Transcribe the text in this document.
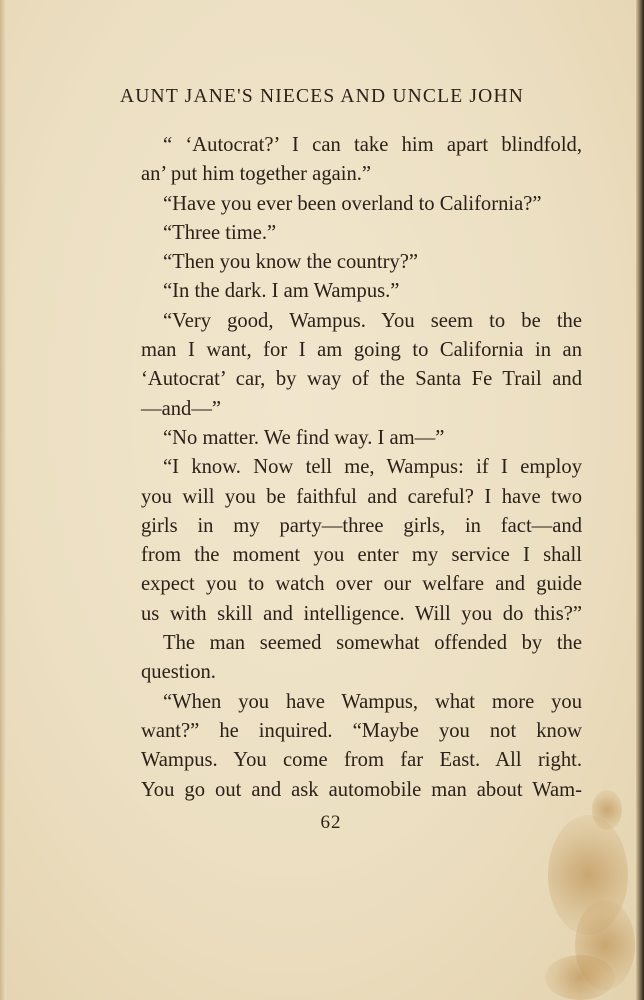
AUNT JANE'S NIECES AND UNCLE JOHN
“ ‘Autocrat?’ I can take him apart blindfold,
an’ put him together again.”
“Have you ever been overland to California?”
“Three time.”
“Then you know the country?”
“In the dark. I am Wampus.”
“Very good, Wampus. You seem to be the
man I want, for I am going to California in an
‘Autocrat’ car, by way of the Santa Fe Trail and
—and—”
“No matter. We find way. I am—”
“I know. Now tell me, Wampus: if I employ
you will you be faithful and careful? I have two
girls in my party—three girls, in fact—and
from the moment you enter my service I shall
expect you to watch over our welfare and guide
us with skill and intelligence. Will you do this?”
The man seemed somewhat offended by the
question.
“When you have Wampus, what more you
want?” he inquired. “Maybe you not know
Wampus. You come from far East. All right.
You go out and ask automobile man about Wam-
62
